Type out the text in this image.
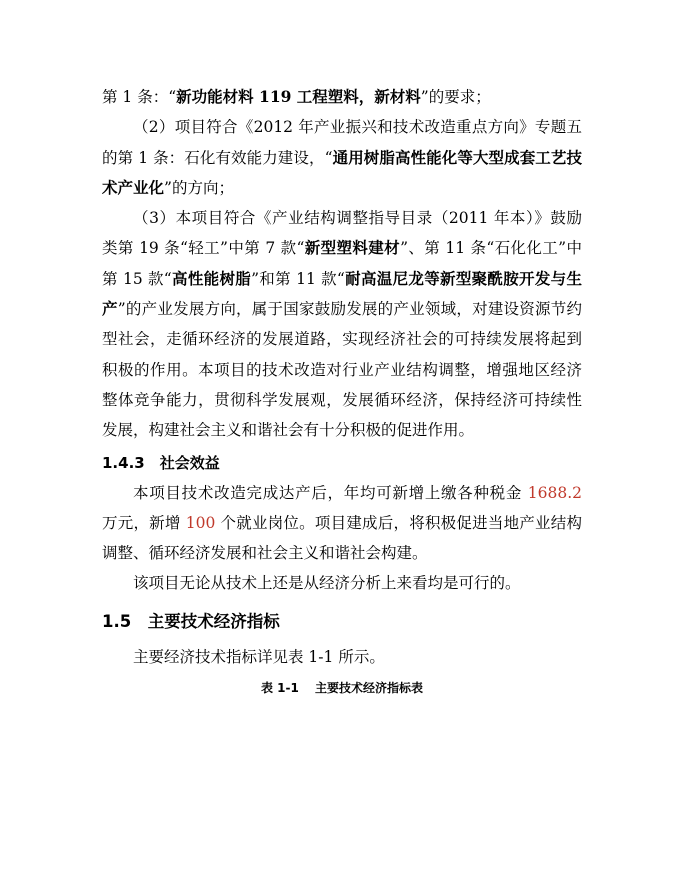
第 1 条：“新功能材料 119 工程塑料，新材料”的要求；

（2）项目符合《2012 年产业振兴和技术改造重点方向》专题五的第 1 条：石化有效能力建设，“通用树脂高性能化等大型成套工艺技术产业化”的方向；

（3）本项目符合《产业结构调整指导目录（2011 年本）》鼓励类第 19 条“轻工”中第 7 款“新型塑料建材”、第 11 条“石化化工”中第 15 款“高性能树脂”和第 11 款“耐高温尼龙等新型聚酰胺开发与生产”的产业发展方向，属于国家鼓励发展的产业领域，对建设资源节约型社会，走循环经济的发展道路，实现经济社会的可持续发展将起到积极的作用。本项目的技术改造对行业产业结构调整，增强地区经济整体竞争能力，贯彻科学发展观，发展循环经济，保持经济可持续性发展，构建社会主义和谐社会有十分积极的促进作用。

1.4.3　社会效益

本项目技术改造完成达产后，年均可新增上缴各种税金 1688.2 万元，新增 100 个就业岗位。项目建成后，将积极促进当地产业结构调整、循环经济发展和社会主义和谐社会构建。

该项目无论从技术上还是从经济分析上来看均是可行的。

1.5　主要技术经济指标

主要经济技术指标详见表 1-1 所示。

表 1-1　 主要技术经济指标表
